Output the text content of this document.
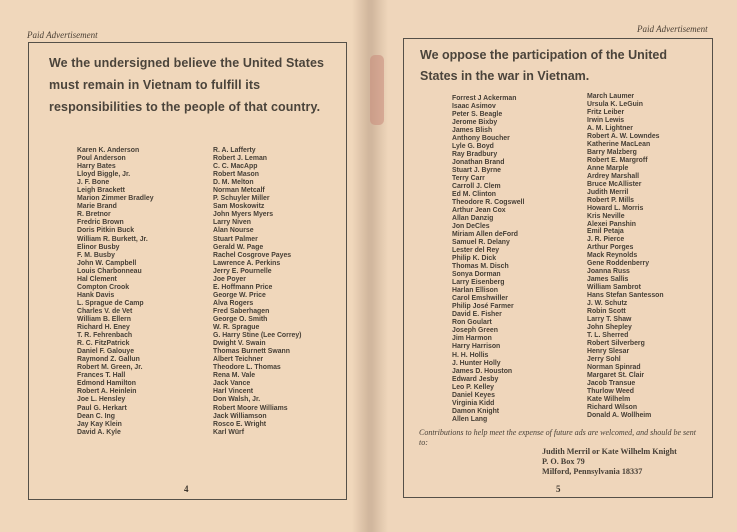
Paid Advertisement
We the undersigned believe the United States must remain in Vietnam to fulfill its responsibilities to the people of that country.
Karen K. Anderson
Poul Anderson
Harry Bates
Lloyd Biggle, Jr.
J. F. Bone
Leigh Brackett
Marion Zimmer Bradley
Marie Brand
R. Bretnor
Fredric Brown
Doris Pitkin Buck
William R. Burkett, Jr.
Elinor Busby
F. M. Busby
John W. Campbell
Louis Charbonneau
Hal Clement
Compton Crook
Hank Davis
L. Sprague de Camp
Charles V. de Vet
William B. Ellern
Richard H. Eney
T. R. Fehrenbach
R. C. FitzPatrick
Daniel F. Galouye
Raymond Z. Gallun
Robert M. Green, Jr.
Frances T. Hall
Edmond Hamilton
Robert A. Heinlein
Joe L. Hensley
Paul G. Herkart
Dean C. Ing
Jay Kay Klein
David A. Kyle
R. A. Lafferty
Robert J. Leman
C. C. MacApp
Robert Mason
D. M. Melton
Norman Metcalf
P. Schuyler Miller
Sam Moskowitz
John Myers Myers
Larry Niven
Alan Nourse
Stuart Palmer
Gerald W. Page
Rachel Cosgrove Payes
Lawrence A. Perkins
Jerry E. Pournelle
Joe Poyer
E. Hoffmann Price
George W. Price
Alva Rogers
Fred Saberhagen
George O. Smith
W. R. Sprague
G. Harry Stine (Lee Correy)
Dwight V. Swain
Thomas Burnett Swann
Albert Teichner
Theodore L. Thomas
Rena M. Vale
Jack Vance
Harl Vincent
Don Walsh, Jr.
Robert Moore Williams
Jack Williamson
Rosco E. Wright
Karl Würf
4
Paid Advertisement
We oppose the participation of the United States in the war in Vietnam.
Forrest J Ackerman
Isaac Asimov
Peter S. Beagle
Jerome Bixby
James Blish
Anthony Boucher
Lyle G. Boyd
Ray Bradbury
Jonathan Brand
Stuart J. Byrne
Terry Carr
Carroll J. Clem
Ed M. Clinton
Theodore R. Cogswell
Arthur Jean Cox
Allan Danzig
Jon DeCles
Miriam Allen deFord
Samuel R. Delany
Lester del Rey
Philip K. Dick
Thomas M. Disch
Sonya Dorman
Larry Eisenberg
Harlan Ellison
Carol Emshwiller
Philip José Farmer
David E. Fisher
Ron Goulart
Joseph Green
Jim Harmon
Harry Harrison
H. H. Hollis
J. Hunter Holly
James D. Houston
Edward Jesby
Leo P. Kelley
Daniel Keyes
Virginia Kidd
Damon Knight
Allen Lang
March Laumer
Ursula K. LeGuin
Fritz Leiber
Irwin Lewis
A. M. Lightner
Robert A. W. Lowndes
Katherine MacLean
Barry Malzberg
Robert E. Margroff
Anne Marple
Ardrey Marshall
Bruce McAllister
Judith Merril
Robert P. Mills
Howard L. Morris
Kris Neville
Alexei Panshin
Emil Petaja
J. R. Pierce
Arthur Porges
Mack Reynolds
Gene Roddenberry
Joanna Russ
James Sallis
William Sambrot
Hans Stefan Santesson
J. W. Schutz
Robin Scott
Larry T. Shaw
John Shepley
T. L. Sherred
Robert Silverberg
Henry Slesar
Jerry Sohl
Norman Spinrad
Margaret St. Clair
Jacob Transue
Thurlow Weed
Kate Wilhelm
Richard Wilson
Donald A. Wollheim
Contributions to help meet the expense of future ads are welcomed, and should be sent to:
Judith Merril or Kate Wilhelm Knight
P. O. Box 79
Milford, Pennsylvania 18337
5
